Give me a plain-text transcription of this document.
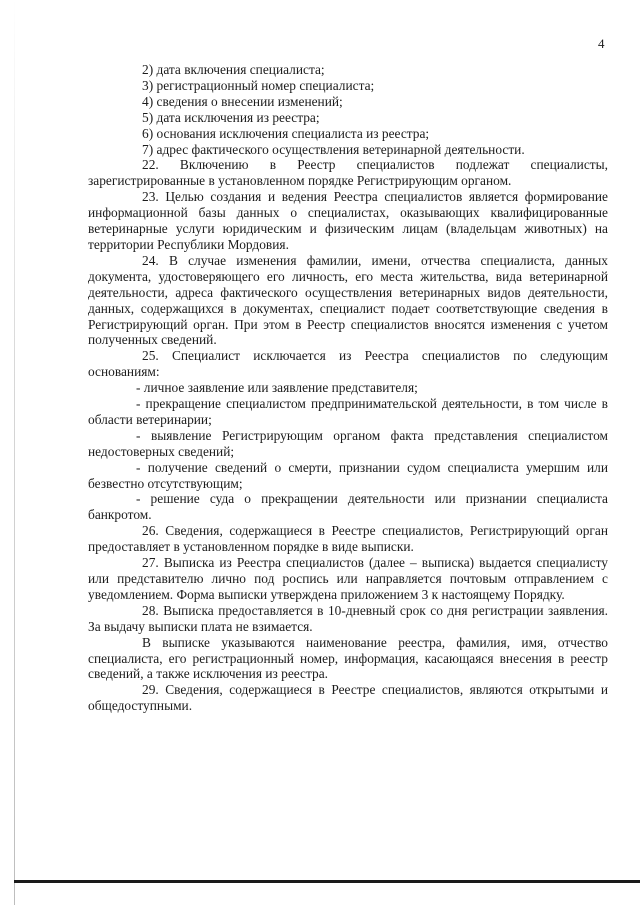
4
2) дата включения специалиста;
3) регистрационный номер специалиста;
4) сведения о внесении изменений;
5) дата исключения из реестра;
6) основания исключения специалиста из реестра;
7) адрес фактического осуществления ветеринарной деятельности.

22. Включению в Реестр специалистов подлежат специалисты, зарегистрированные в установленном порядке Регистрирующим органом.

23. Целью создания и ведения Реестра специалистов является формирование информационной базы данных о специалистах, оказывающих квалифицированные ветеринарные услуги юридическим и физическим лицам (владельцам животных) на территории Республики Мордовия.

24. В случае изменения фамилии, имени, отчества специалиста, данных документа, удостоверяющего его личность, его места жительства, вида ветеринарной деятельности, адреса фактического осуществления ветеринарных видов деятельности, данных, содержащихся в документах, специалист подает соответствующие сведения в Регистрирующий орган. При этом в Реестр специалистов вносятся изменения с учетом полученных сведений.

25. Специалист исключается из Реестра специалистов по следующим основаниям:

- личное заявление или заявление представителя;

- прекращение специалистом предпринимательской деятельности, в том числе в области ветеринарии;

- выявление Регистрирующим органом факта представления специалистом недостоверных сведений;

- получение сведений о смерти, признании судом специалиста умершим или безвестно отсутствующим;

- решение суда о прекращении деятельности или признании специалиста банкротом.

26. Сведения, содержащиеся в Реестре специалистов, Регистрирующий орган предоставляет в установленном порядке в виде выписки.

27. Выписка из Реестра специалистов (далее – выписка) выдается специалисту или представителю лично под роспись или направляется почтовым отправлением с уведомлением. Форма выписки утверждена приложением 3 к настоящему Порядку.

28. Выписка предоставляется в 10-дневный срок со дня регистрации заявления. За выдачу выписки плата не взимается.

В выписке указываются наименование реестра, фамилия, имя, отчество специалиста, его регистрационный номер, информация, касающаяся внесения в реестр сведений, а также исключения из реестра.

29. Сведения, содержащиеся в Реестре специалистов, являются открытыми и общедоступными.
